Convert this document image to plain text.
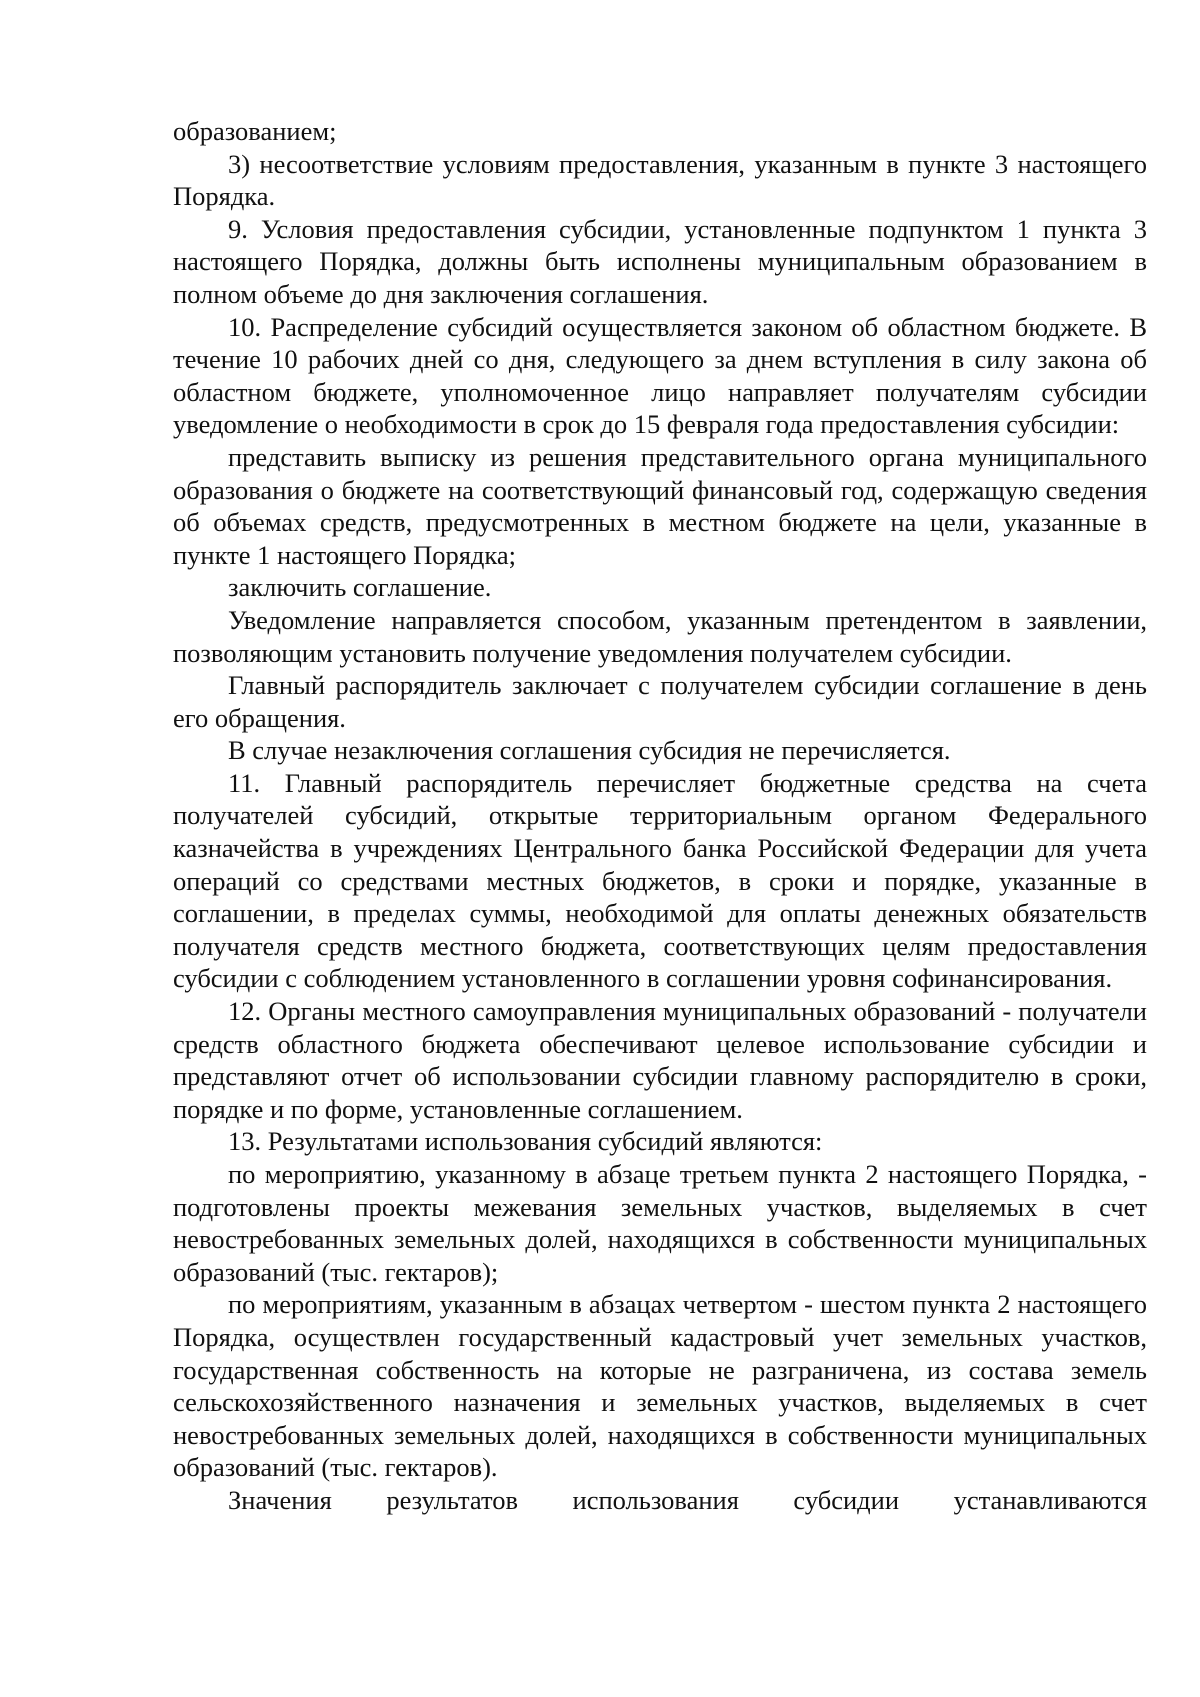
образованием;

3) несоответствие условиям предоставления, указанным в пункте 3 настоящего Порядка.

9. Условия предоставления субсидии, установленные подпунктом 1 пункта 3 настоящего Порядка, должны быть исполнены муниципальным образованием в полном объеме до дня заключения соглашения.

10. Распределение субсидий осуществляется законом об областном бюджете. В течение 10 рабочих дней со дня, следующего за днем вступления в силу закона об областном бюджете, уполномоченное лицо направляет получателям субсидии уведомление о необходимости в срок до 15 февраля года предоставления субсидии:

представить выписку из решения представительного органа муниципального образования о бюджете на соответствующий финансовый год, содержащую сведения об объемах средств, предусмотренных в местном бюджете на цели, указанные в пункте 1 настоящего Порядка;

заключить соглашение.

Уведомление направляется способом, указанным претендентом в заявлении, позволяющим установить получение уведомления получателем субсидии.

Главный распорядитель заключает с получателем субсидии соглашение в день его обращения.

В случае незаключения соглашения субсидия не перечисляется.

11. Главный распорядитель перечисляет бюджетные средства на счета получателей субсидий, открытые территориальным органом Федерального казначейства в учреждениях Центрального банка Российской Федерации для учета операций со средствами местных бюджетов, в сроки и порядке, указанные в соглашении, в пределах суммы, необходимой для оплаты денежных обязательств получателя средств местного бюджета, соответствующих целям предоставления субсидии с соблюдением установленного в соглашении уровня софинансирования.

12. Органы местного самоуправления муниципальных образований - получатели средств областного бюджета обеспечивают целевое использование субсидии и представляют отчет об использовании субсидии главному распорядителю в сроки, порядке и по форме, установленные соглашением.

13. Результатами использования субсидий являются:

по мероприятию, указанному в абзаце третьем пункта 2 настоящего Порядка, - подготовлены проекты межевания земельных участков, выделяемых в счет невостребованных земельных долей, находящихся в собственности муниципальных образований (тыс. гектаров);

по мероприятиям, указанным в абзацах четвертом - шестом пункта 2 настоящего Порядка, осуществлен государственный кадастровый учет земельных участков, государственная собственность на которые не разграничена, из состава земель сельскохозяйственного назначения и земельных участков, выделяемых в счет невостребованных земельных долей, находящихся в собственности муниципальных образований (тыс. гектаров).

Значения результатов использования субсидии устанавливаются
